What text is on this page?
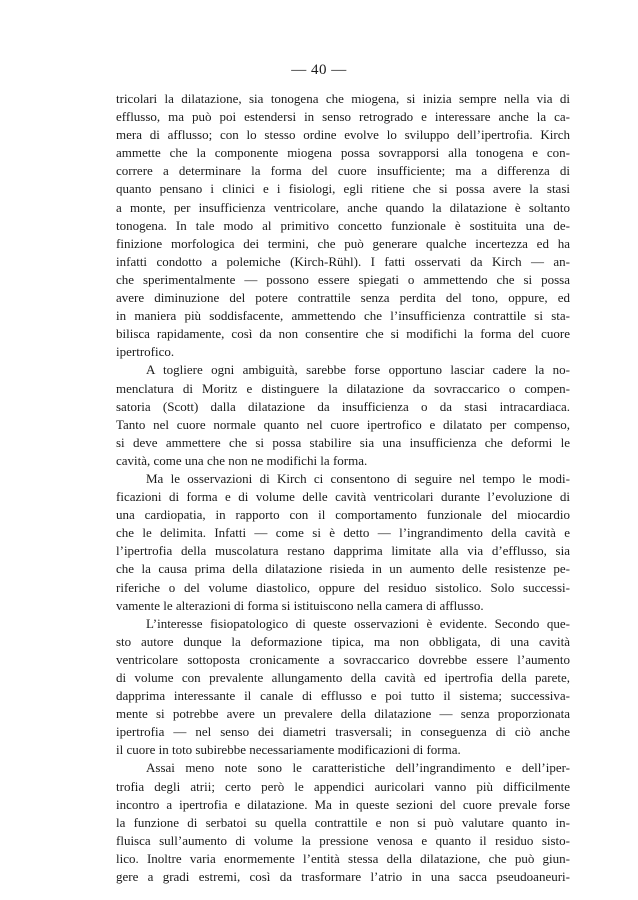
— 40 —
tricolari la dilatazione, sia tonogena che miogena, si inizia sempre nella via di
efflusso, ma può poi estendersi in senso retrogrado e interessare anche la ca-
mera di afflusso; con lo stesso ordine evolve lo sviluppo dell’ipertrofia. Kirch
ammette che la componente miogena possa sovrapporsi alla tonogena e con-
correre a determinare la forma del cuore insufficiente; ma a differenza di
quanto pensano i clinici e i fisiologi, egli ritiene che si possa avere la stasi
a monte, per insufficienza ventricolare, anche quando la dilatazione è soltanto
tonogena. In tale modo al primitivo concetto funzionale è sostituita una de-
finizione morfologica dei termini, che può generare qualche incertezza ed ha
infatti condotto a polemiche (Kirch-Rühl). I fatti osservati da Kirch — an-
che sperimentalmente — possono essere spiegati o ammettendo che si possa
avere diminuzione del potere contrattile senza perdita del tono, oppure, ed
in maniera più soddisfacente, ammettendo che l’insufficienza contrattile si sta-
bilisca rapidamente, così da non consentire che si modifichi la forma del cuore
ipertrofico.
A togliere ogni ambiguità, sarebbe forse opportuno lasciar cadere la no-
menclatura di Moritz e distinguere la dilatazione da sovraccarico o compen-
satoria (Scott) dalla dilatazione da insufficienza o da stasi intracardiaca.
Tanto nel cuore normale quanto nel cuore ipertrofico e dilatato per compenso,
si deve ammettere che si possa stabilire sia una insufficienza che deformi le
cavità, come una che non ne modifichi la forma.
Ma le osservazioni di Kirch ci consentono di seguire nel tempo le modi-
ficazioni di forma e di volume delle cavità ventricolari durante l’evoluzione di
una cardiopatia, in rapporto con il comportamento funzionale del miocardio
che le delimita. Infatti — come si è detto — l’ingrandimento della cavità e
l’ipertrofia della muscolatura restano dapprima limitate alla via d’efflusso, sia
che la causa prima della dilatazione risieda in un aumento delle resistenze pe-
riferiche o del volume diastolico, oppure del residuo sistolico. Solo successi-
vamente le alterazioni di forma si istituiscono nella camera di afflusso.
L’interesse fisiopatologico di queste osservazioni è evidente. Secondo que-
sto autore dunque la deformazione tipica, ma non obbligata, di una cavità
ventricolare sottoposta cronicamente a sovraccarico dovrebbe essere l’aumento
di volume con prevalente allungamento della cavità ed ipertrofia della parete,
dapprima interessante il canale di efflusso e poi tutto il sistema; successiva-
mente si potrebbe avere un prevalere della dilatazione — senza proporzionata
ipertrofia — nel senso dei diametri trasversali; in conseguenza di ciò anche
il cuore in toto subirebbe necessariamente modificazioni di forma.
Assai meno note sono le caratteristiche dell’ingrandimento e dell’iper-
trofia degli atrii; certo però le appendici auricolari vanno più difficilmente
incontro a ipertrofia e dilatazione. Ma in queste sezioni del cuore prevale forse
la funzione di serbatoi su quella contrattile e non si può valutare quanto in-
fluisca sull’aumento di volume la pressione venosa e quanto il residuo sisto-
lico. Inoltre varia enormemente l’entità stessa della dilatazione, che può giun-
gere a gradi estremi, così da trasformare l’atrio in una sacca pseudoaneuri-
